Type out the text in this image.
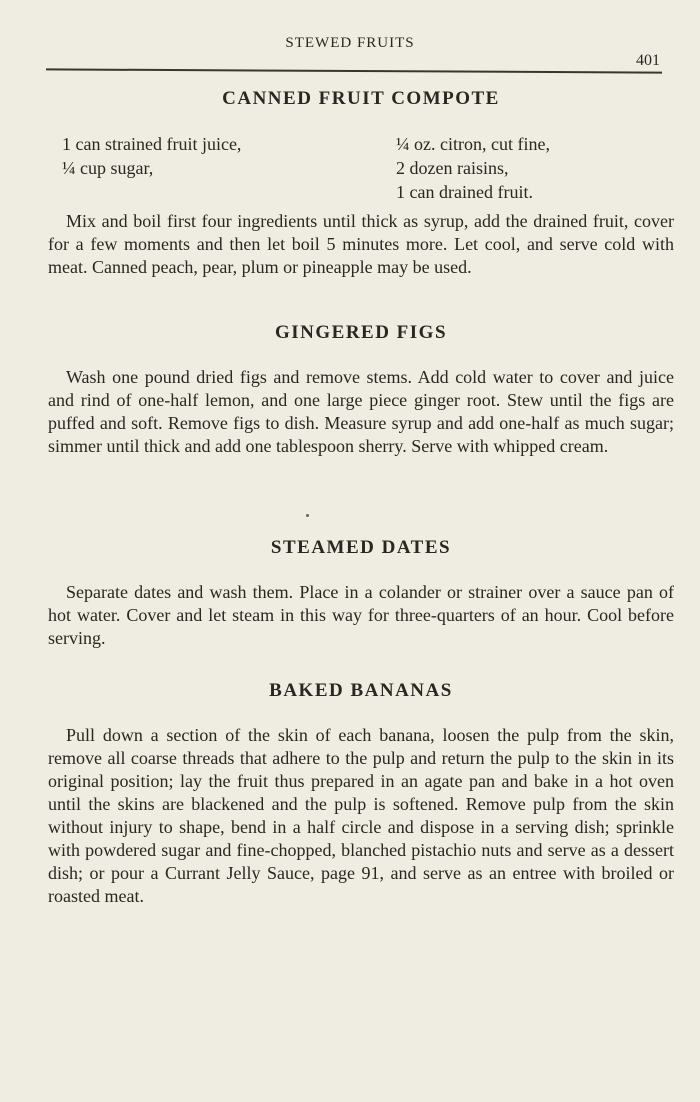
STEWED FRUITS
401
CANNED FRUIT COMPOTE
1 can strained fruit juice,
¼ cup sugar,
¼ oz. citron, cut fine,
2 dozen raisins,
1 can drained fruit.

Mix and boil first four ingredients until thick as syrup, add the drained fruit, cover for a few moments and then let boil 5 minutes more. Let cool, and serve cold with meat. Canned peach, pear, plum or pineapple may be used.

GINGERED FIGS

Wash one pound dried figs and remove stems. Add cold water to cover and juice and rind of one-half lemon, and one large piece ginger root. Stew until the figs are puffed and soft. Remove figs to dish. Measure syrup and add one-half as much sugar; simmer until thick and add one tablespoon sherry. Serve with whipped cream.

STEAMED DATES

Separate dates and wash them. Place in a colander or strainer over a sauce pan of hot water. Cover and let steam in this way for three-quarters of an hour. Cool before serving.

BAKED BANANAS

Pull down a section of the skin of each banana, loosen the pulp from the skin, remove all coarse threads that adhere to the pulp and return the pulp to the skin in its original position; lay the fruit thus prepared in an agate pan and bake in a hot oven until the skins are blackened and the pulp is softened. Remove pulp from the skin without injury to shape, bend in a half circle and dispose in a serving dish; sprinkle with powdered sugar and fine-chopped, blanched pistachio nuts and serve as a dessert dish; or pour a Currant Jelly Sauce, page 91, and serve as an entree with broiled or roasted meat.
